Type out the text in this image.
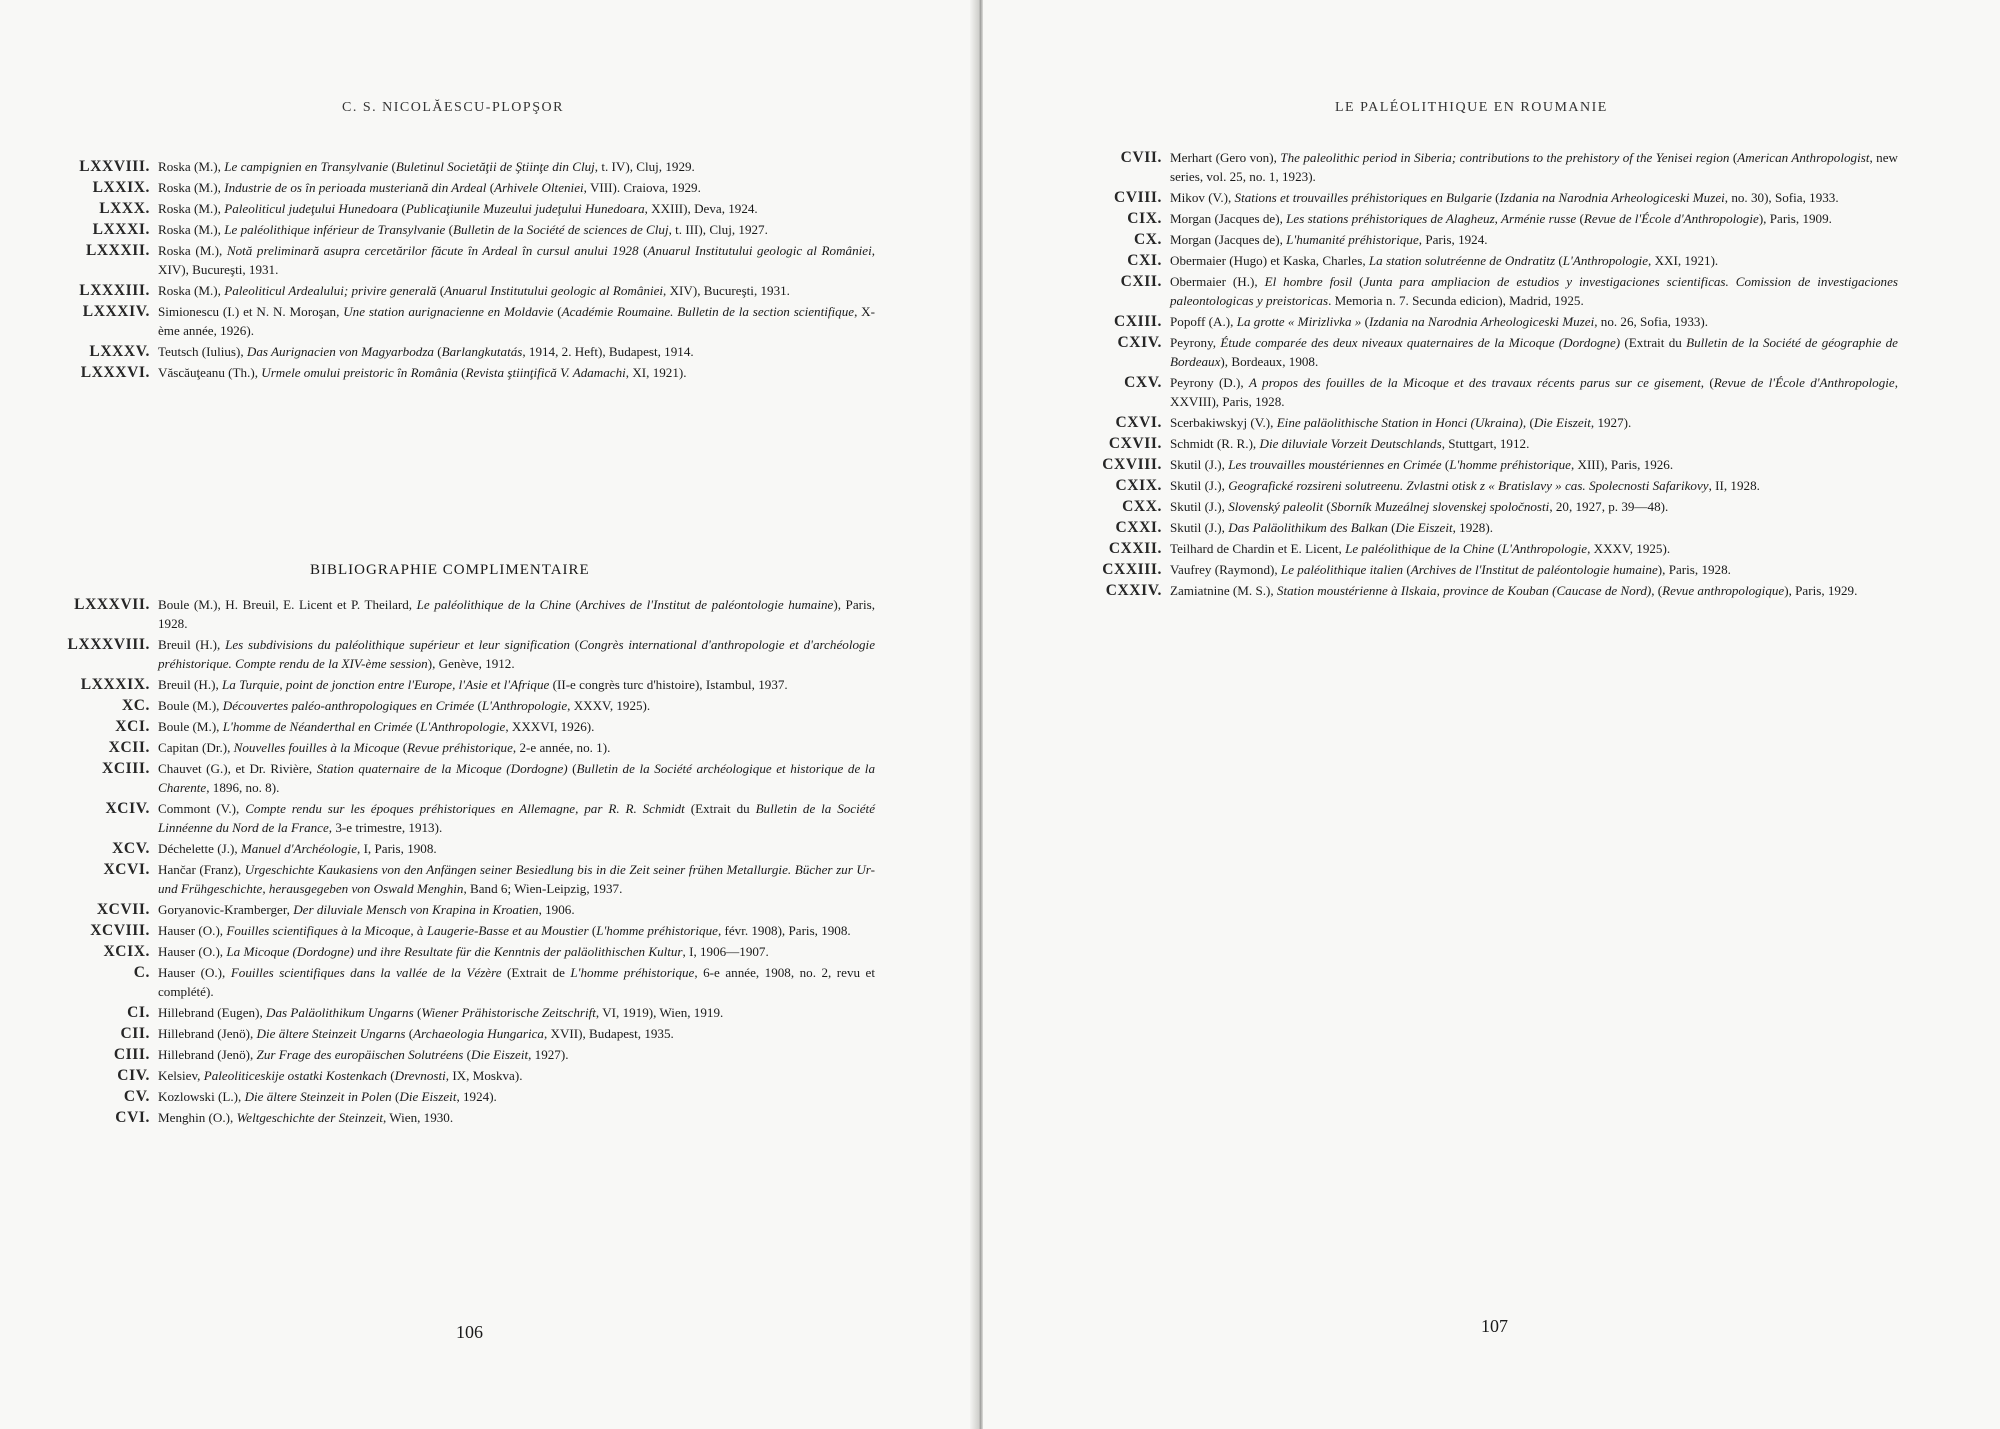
C. S. NICOLĂESCU-PLOPŞOR
LXXVIII. Roska (M.), Le campignien en Transylvanie (Buletinul Societăţii de Ştiinţe din Cluj, t. IV), Cluj, 1929.
LXXIX. Roska (M.), Industrie de os în perioada musteriană din Ardeal (Arhivele Olteniei, VIII). Craiova, 1929.
LXXX. Roska (M.), Paleoliticul judeţului Hunedoara (Publicaţiunile Muzeului judeţului Hunedoara, XXIII), Deva, 1924.
LXXXI. Roska (M.), Le paléolithique inférieur de Transylvanie (Bulletin de la Société de sciences de Cluj, t. III), Cluj, 1927.
LXXXII. Roska (M.), Notă preliminară asupra cercetărilor făcute în Ardeal în cursul anului 1928 (Anuarul Institutului geologic al României, XIV), Bucureşti, 1931.
LXXXIII. Roska (M.), Paleoliticul Ardealului; privire generală (Anuarul Institutului geologic al României, XIV), Bucureşti, 1931.
LXXXIV. Simionescu (I.) et N. N. Moroşan, Une station aurignacienne en Moldavie (Académie Roumaine. Bulletin de la section scientifique, X-ème année, 1926).
LXXXV. Teutsch (Iulius), Das Aurignacien von Magyarbodza (Barlangkutatás, 1914, 2. Heft), Budapest, 1914.
LXXXVI. Văscăuţeanu (Th.), Urmele omului preistoric în România (Revista ştiinţifică V. Adamachi, XI, 1921).
BIBLIOGRAPHIE COMPLIMENTAIRE
LXXXVII. Boule (M.), H. Breuil, E. Licent et P. Theilard, Le paléolithique de la Chine (Archives de l'Institut de paléontologie humaine), Paris, 1928.
LXXXVIII. Breuil (H.), Les subdivisions du paléolithique supérieur et leur signification (Congrès international d'anthropologie et d'archéologie préhistorique. Compte rendu de la XIV-ème session), Genève, 1912.
LXXXIX. Breuil (H.), La Turquie, point de jonction entre l'Europe, l'Asie et l'Afrique (II-e congrès turc d'histoire), Istambul, 1937.
XC. Boule (M.), Découvertes paléo-anthropologiques en Crimée (L'Anthropologie, XXXV, 1925).
XCI. Boule (M.), L'homme de Néanderthal en Crimée (L'Anthropologie, XXXVI, 1926).
XCII. Capitan (Dr.), Nouvelles fouilles à la Micoque (Revue préhistorique, 2-e année, no. 1).
XCIII. Chauvet (G.), et Dr. Rivière, Station quaternaire de la Micoque (Dordogne) (Bulletin de la Société archéologique et historique de la Charente, 1896, no. 8).
XCIV. Commont (V.), Compte rendu sur les époques préhistoriques en Allemagne, par R. R. Schmidt (Extrait du Bulletin de la Société Linnéenne du Nord de la France, 3-e trimestre, 1913).
XCV. Déchelette (J.), Manuel d'Archéologie, I, Paris, 1908.
XCVI. Hančar (Franz), Urgeschichte Kaukasiens von den Anfängen seiner Besiedlung bis in die Zeit seiner frühen Metallurgie. Bücher zur Ur- und Frühgeschichte, herausgegeben von Oswald Menghin, Band 6; Wien-Leipzig, 1937.
XCVII. Goryanovic-Kramberger, Der diluviale Mensch von Krapina in Kroatien, 1906.
XCVIII. Hauser (O.), Fouilles scientifiques à la Micoque, à Laugerie-Basse et au Moustier (L'homme préhistorique, févr. 1908), Paris, 1908.
XCIX. Hauser (O.), La Micoque (Dordogne) und ihre Resultate für die Kenntnis der paläolithischen Kultur, I, 1906—1907.
C. Hauser (O.), Fouilles scientifiques dans la vallée de la Vézère (Extrait de L'homme préhistorique, 6-e année, 1908, no. 2, revu et complété).
CI. Hillebrand (Eugen), Das Paläolithikum Ungarns (Wiener Prähistorische Zeitschrift, VI, 1919), Wien, 1919.
CII. Hillebrand (Jenö), Die ältere Steinzeit Ungarns (Archaeologia Hungarica, XVII), Budapest, 1935.
CIII. Hillebrand (Jenö), Zur Frage des europäischen Solutréens (Die Eiszeit, 1927).
CIV. Kelsiev, Paleoliticeskije ostatki Kostenkach (Drevnosti, IX, Moskva).
CV. Kozlowski (L.), Die ältere Steinzeit in Polen (Die Eiszeit, 1924).
CVI. Menghin (O.), Weltgeschichte der Steinzeit, Wien, 1930.
106
LE PALÉOLITHIQUE EN ROUMANIE
CVII. Merhart (Gero von), The paleolithic period in Siberia; contributions to the prehistory of the Yenisei region (American Anthropologist, new series, vol. 25, no. 1, 1923).
CVIII. Mikov (V.), Stations et trouvailles préhistoriques en Bulgarie (Izdania na Narodnia Arheologiceski Muzei, no. 30), Sofia, 1933.
CIX. Morgan (Jacques de), Les stations préhistoriques de Alagheuz, Arménie russe (Revue de l'École d'Anthropologie), Paris, 1909.
CX. Morgan (Jacques de), L'humanité préhistorique, Paris, 1924.
CXI. Obermaier (Hugo) et Kaska, Charles, La station solutréenne de Ondratitz (L'Anthropologie, XXI, 1921).
CXII. Obermaier (H.), El hombre fosil (Junta para ampliacion de estudios y investigaciones scientificas. Comission de investigaciones paleontologicas y preistoricas. Memoria n. 7. Secunda edicion), Madrid, 1925.
CXIII. Popoff (A.), La grotte « Mirizlivka » (Izdania na Narodnia Arheologiceski Muzei, no. 26, Sofia, 1933).
CXIV. Peyrony, Étude comparée des deux niveaux quaternaires de la Micoque (Dordogne) (Extrait du Bulletin de la Société de géographie de Bordeaux), Bordeaux, 1908.
CXV. Peyrony (D.), A propos des fouilles de la Micoque et des travaux récents parus sur ce gisement, (Revue de l'École d'Anthropologie, XXVIII), Paris, 1928.
CXVI. Scerbakiwskyj (V.), Eine paläolithische Station in Honci (Ukraina), (Die Eiszeit, 1927).
CXVII. Schmidt (R. R.), Die diluviale Vorzeit Deutschlands, Stuttgart, 1912.
CXVIII. Skutil (J.), Les trouvailles moustériennes en Crimée (L'homme préhistorique, XIII), Paris, 1926.
CXIX. Skutil (J.), Geografické rozsireni solutreenu. Zvlastni otisk z « Bratislavy » cas. Spolecnosti Safarikovy, II, 1928.
CXX. Skutil (J.), Slovenský paleolit (Sborník Muzeálnej slovenskej spoločnosti, 20, 1927, p. 39—48).
CXXI. Skutil (J.), Das Paläolithikum des Balkan (Die Eiszeit, 1928).
CXXII. Teilhard de Chardin et E. Licent, Le paléolithique de la Chine (L'Anthropologie, XXXV, 1925).
CXXIII. Vaufrey (Raymond), Le paléolithique italien (Archives de l'Institut de paléontologie humaine), Paris, 1928.
CXXIV. Zamiatnine (M. S.), Station moustérienne à Ilskaia, province de Kouban (Caucase de Nord), (Revue anthropologique), Paris, 1929.
107
